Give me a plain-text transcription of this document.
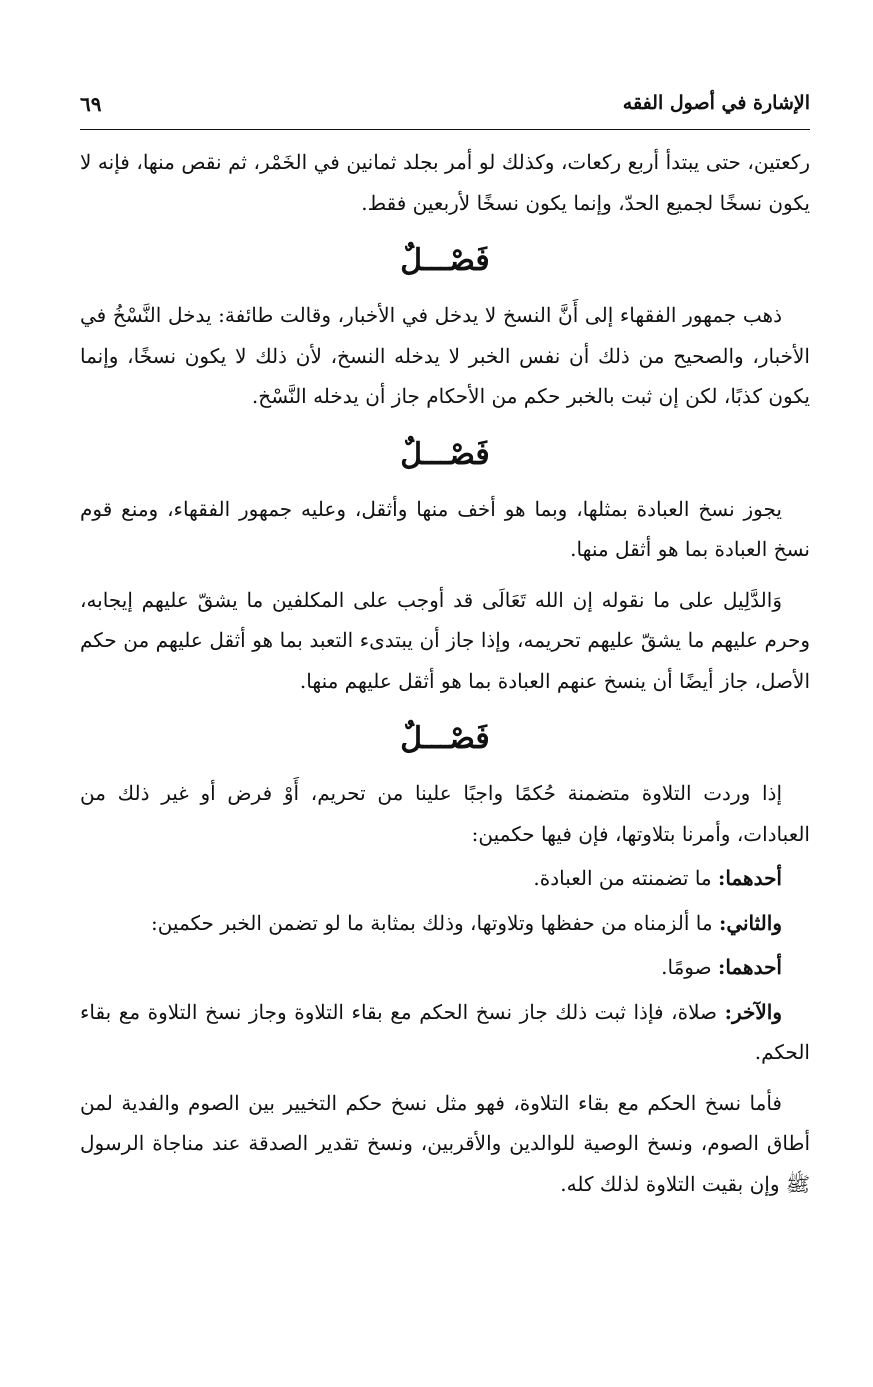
الإشارة في أصول الفقه
٦٩

ركعتين، حتى يبتدأ أربع ركعات، وكذلك لو أمر بجلد ثمانين في الخَمْر، ثم نقص منها، فإنه لا يكون نسخًا لجميع الحدّ، وإنما يكون نسخًا لأربعين فقط.

فَصْـــلٌ

ذهب جمهور الفقهاء إلى أَنَّ النسخ لا يدخل في الأخبار، وقالت طائفة: يدخل النَّسْخُ في الأخبار، والصحيح من ذلك أن نفس الخبر لا يدخله النسخ، لأن ذلك لا يكون نسخًا، وإنما يكون كذبًا، لكن إن ثبت بالخبر حكم من الأحكام جاز أن يدخله النَّسْخ.

فَصْـــلٌ

يجوز نسخ العبادة بمثلها، وبما هو أخف منها وأثقل، وعليه جمهور الفقهاء، ومنع قوم نسخ العبادة بما هو أثقل منها.

وَالدَّلِيل على ما نقوله إن الله تَعَالَى قد أوجب على المكلفين ما يشقّ عليهم إيجابه، وحرم عليهم ما يشقّ عليهم تحريمه، وإذا جاز أن يبتدىء التعبد بما هو أثقل عليهم من حكم الأصل، جاز أيضًا أن ينسخ عنهم العبادة بما هو أثقل عليهم منها.

فَصْـــلٌ

إذا وردت التلاوة متضمنة حُكمًا واجبًا علينا من تحريم، أَوْ فرض أو غير ذلك من العبادات، وأمرنا بتلاوتها، فإن فيها حكمين:

أحدهما: ما تضمنته من العبادة.

والثاني: ما ألزمناه من حفظها وتلاوتها، وذلك بمثابة ما لو تضمن الخبر حكمين:

أحدهما: صومًا.

والآخر: صلاة، فإذا ثبت ذلك جاز نسخ الحكم مع بقاء التلاوة وجاز نسخ التلاوة مع بقاء الحكم.

فأما نسخ الحكم مع بقاء التلاوة، فهو مثل نسخ حكم التخيير بين الصوم والفدية لمن أطاق الصوم، ونسخ الوصية للوالدين والأقربين، ونسخ تقدير الصدقة عند مناجاة الرسول ﷺ وإن بقيت التلاوة لذلك كله.
